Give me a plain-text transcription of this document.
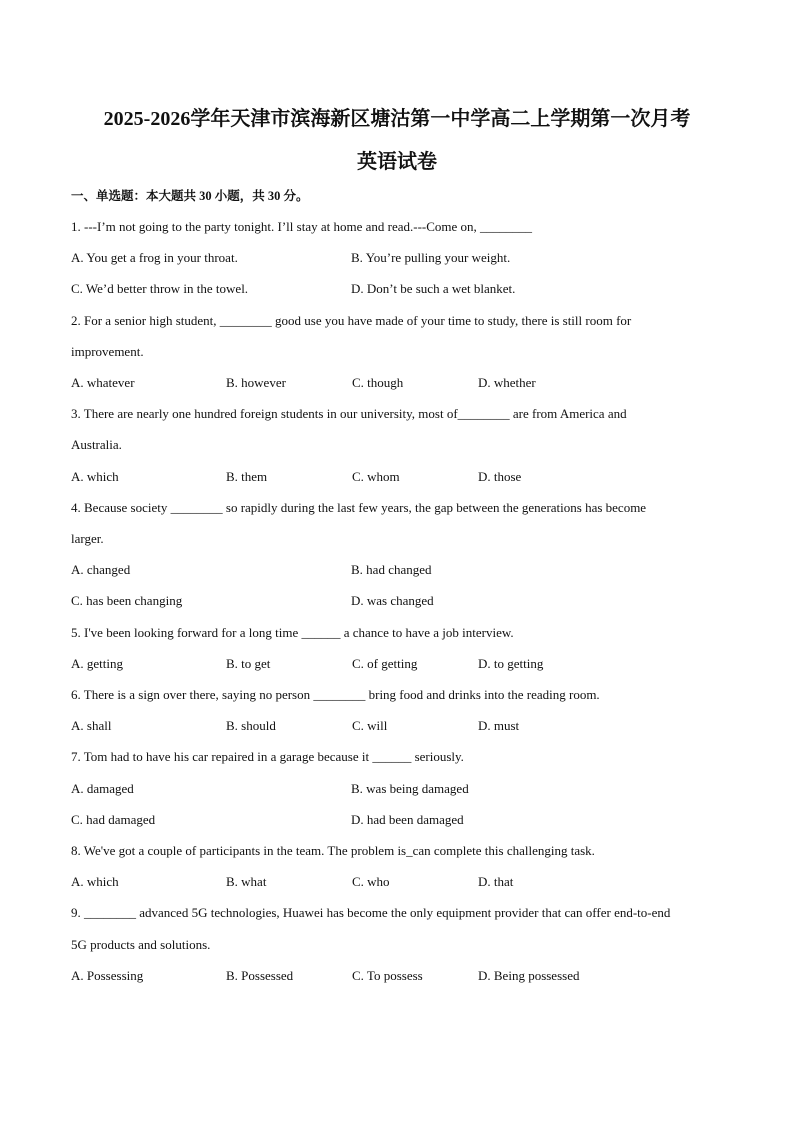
2025-2026学年天津市滨海新区塘沽第一中学高二上学期第一次月考
英语试卷
一、单选题：本大题共 30 小题，共 30 分。
1. ---I’m not going to the party tonight. I’ll stay at home and read.---Come on, ________
A. You get a frog in your throat.	B. You’re pulling your weight.
C. We’d better throw in the towel.	D. Don’t be such a wet blanket.
2. For a senior high student, ________ good use you have made of your time to study, there is still room for
improvement.
A. whatever	B. however	C. though	D. whether
3. There are nearly one hundred foreign students in our university, most of________ are from America and
Australia.
A. which	B. them	C. whom	D. those
4. Because society ________ so rapidly during the last few years, the gap between the generations has become
larger.
A. changed	B. had changed
C. has been changing	D. was changed
5. I've been looking forward for a long time ______ a chance to have a job interview.
A. getting	B. to get	C. of getting	D. to getting
6. There is a sign over there, saying no person ________ bring food and drinks into the reading room.
A. shall	B. should	C. will	D. must
7. Tom had to have his car repaired in a garage because it ______ seriously.
A. damaged	B. was being damaged
C. had damaged	D. had been damaged
8. We've got a couple of participants in the team. The problem is_can complete this challenging task.
A. which	B. what	C. who	D. that
9. ________ advanced 5G technologies, Huawei has become the only equipment provider that can offer end-to-end
5G products and solutions.
A. Possessing	B. Possessed	C. To possess	D. Being possessed
